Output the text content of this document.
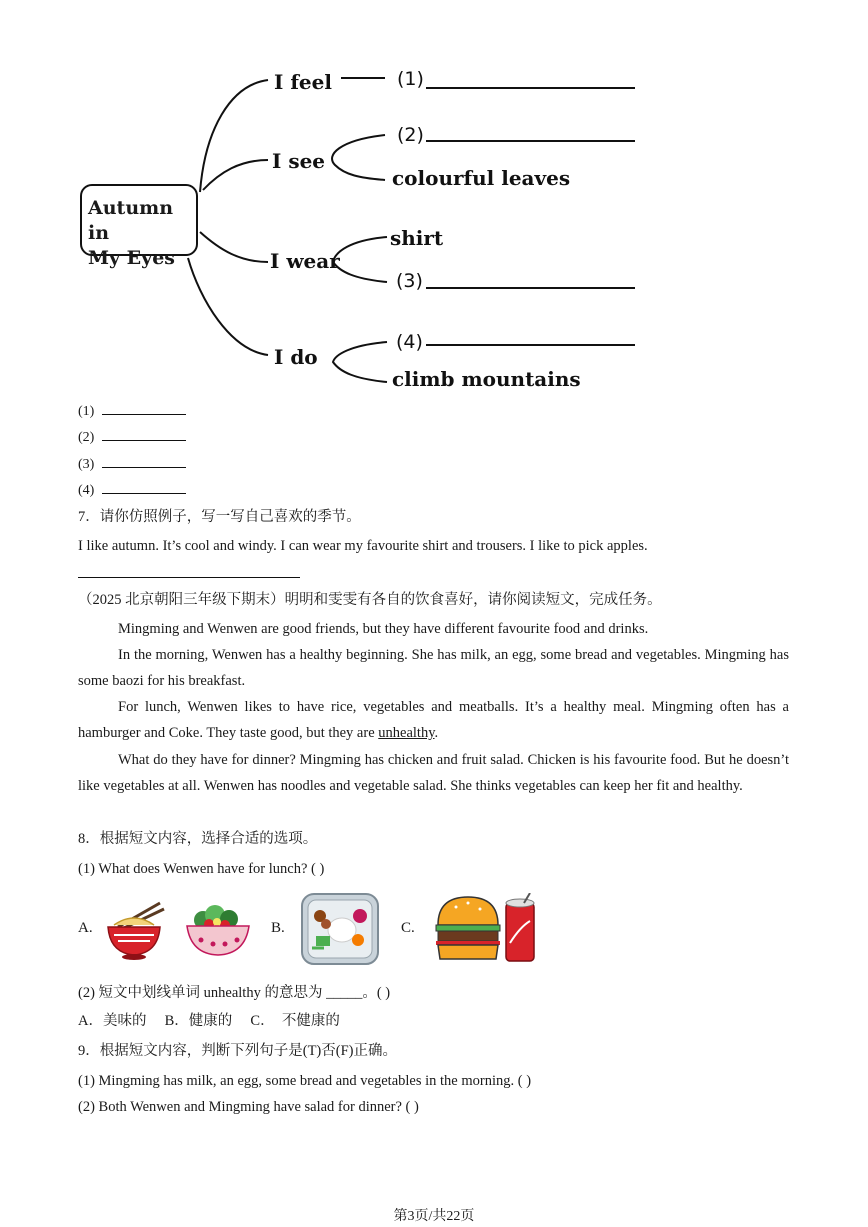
I feel	(1)
I see
(2)
colourful leaves
I wear
shirt
(3)
I do
(4)
climb mountains
Autumn in
My Eyes
(1)
(2)
(3)
(4)
7．请你仿照例子，写一写自己喜欢的季节。
I like autumn. It’s cool and windy. I can wear my favourite shirt and trousers. I like to pick apples.
（2025 北京朝阳三年级下期末）明明和雯雯有各自的饮食喜好，请你阅读短文，完成任务。
Mingming and Wenwen are good friends, but they have different favourite food and drinks.
In the morning, Wenwen has a healthy beginning. She has milk, an egg, some bread and vegetables. Mingming has some baozi for his breakfast.
For lunch, Wenwen likes to have rice, vegetables and meatballs. It’s a healthy meal. Mingming often has a hamburger and Coke. They taste good, but they are unhealthy.
What do they have for dinner? Mingming has chicken and fruit salad. Chicken is his favourite food. But he doesn’t like vegetables at all. Wenwen has noodles and vegetable salad. She thinks vegetables can keep her fit and healthy.
8．根据短文内容，选择合适的选项。
(1) What does Wenwen have for lunch? ( )
A.	B.	C.
(2) 短文中划线单词 unhealthy 的意思为 _____。( )
A．美味的     B．健康的     C．  不健康的
9．根据短文内容，判断下列句子是(T)否(F)正确。
(1) Mingming has milk, an egg, some bread and vegetables in the morning. ( )
(2) Both Wenwen and Mingming have salad for dinner? ( )
第3页/共22页
